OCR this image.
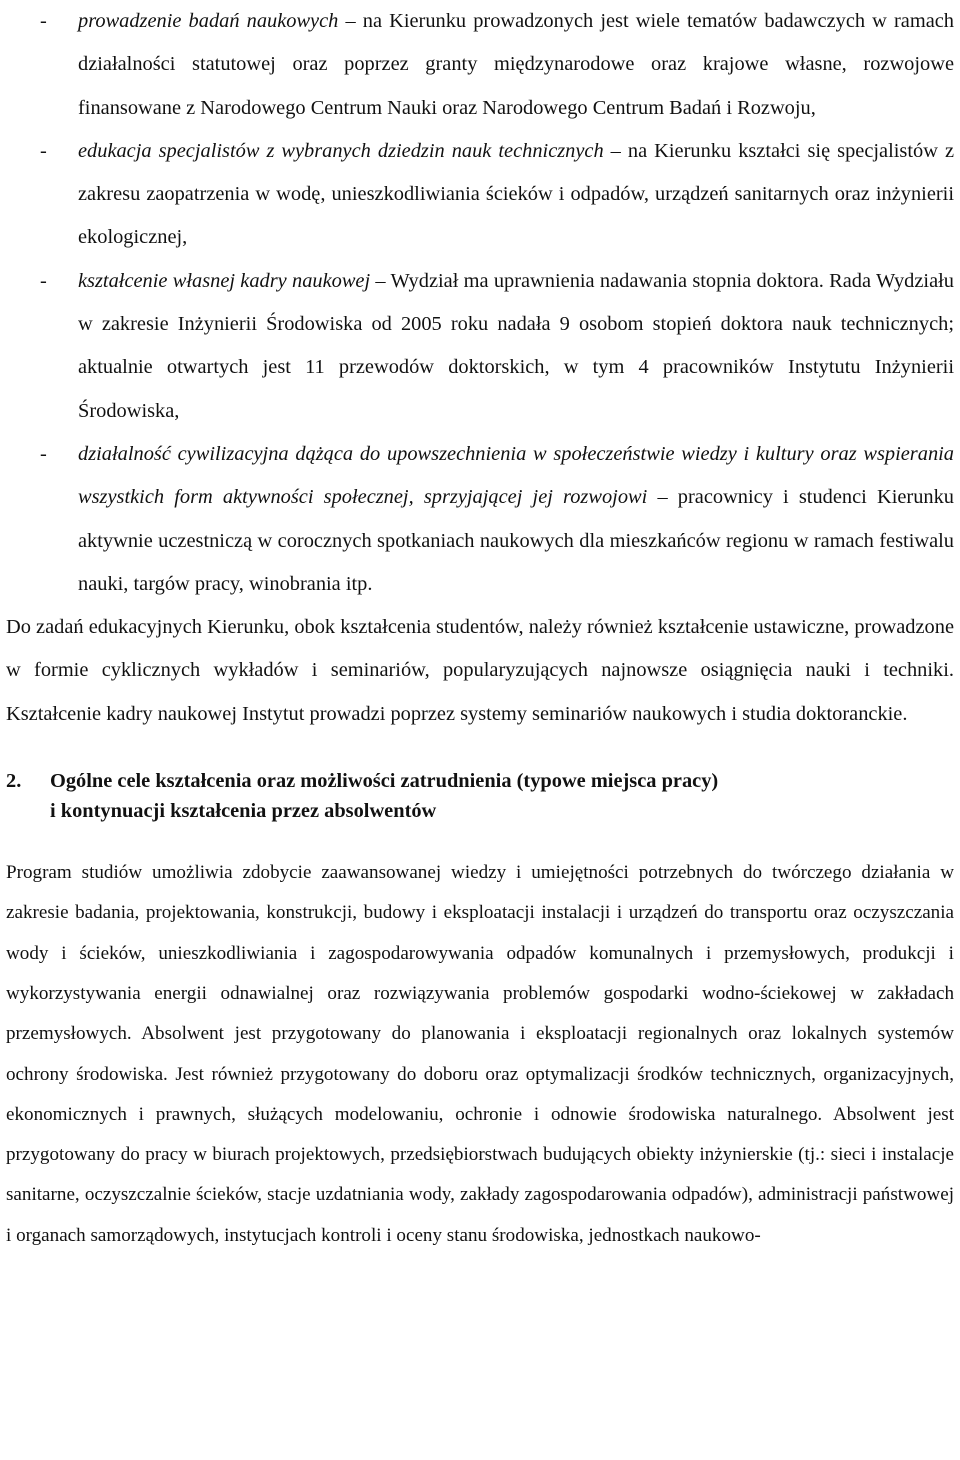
- prowadzenie badań naukowych – na Kierunku prowadzonych jest wiele tematów badawczych w ramach działalności statutowej oraz poprzez granty międzynarodowe oraz krajowe własne, rozwojowe finansowane z Narodowego Centrum Nauki oraz Narodowego Centrum Badań i Rozwoju,
- edukacja specjalistów z wybranych dziedzin nauk technicznych – na Kierunku kształci się specjalistów z zakresu zaopatrzenia w wodę, unieszkodliwiania ścieków i odpadów, urządzeń sanitarnych oraz inżynierii ekologicznej,
- kształcenie własnej kadry naukowej – Wydział ma uprawnienia nadawania stopnia doktora. Rada Wydziału w zakresie Inżynierii Środowiska od 2005 roku nadała 9 osobom stopień doktora nauk technicznych; aktualnie otwartych jest 11 przewodów doktorskich, w tym 4 pracowników Instytutu Inżynierii Środowiska,
- działalność cywilizacyjna dążąca do upowszechnienia w społeczeństwie wiedzy i kultury oraz wspierania wszystkich form aktywności społecznej, sprzyjającej jej rozwojowi – pracownicy i studenci Kierunku aktywnie uczestniczą w corocznych spotkaniach naukowych dla mieszkańców regionu w ramach festiwalu nauki, targów pracy, winobrania itp.

Do zadań edukacyjnych Kierunku, obok kształcenia studentów, należy również kształcenie ustawiczne, prowadzone w formie cyklicznych wykładów i seminariów, popularyzujących najnowsze osiągnięcia nauki i techniki. Kształcenie kadry naukowej Instytut prowadzi poprzez systemy seminariów naukowych i studia doktoranckie.

2. Ogólne cele kształcenia oraz możliwości zatrudnienia (typowe miejsca pracy)
i kontynuacji kształcenia przez absolwentów

Program studiów umożliwia zdobycie zaawansowanej wiedzy i umiejętności potrzebnych do twórczego działania w zakresie badania, projektowania, konstrukcji, budowy i eksploatacji instalacji i urządzeń do transportu oraz oczyszczania wody i ścieków, unieszkodliwiania i zagospodarowywania odpadów komunalnych i przemysłowych, produkcji i wykorzystywania energii odnawialnej oraz rozwiązywania problemów gospodarki wodno-ściekowej w zakładach przemysłowych. Absolwent jest przygotowany do planowania i eksploatacji regionalnych oraz lokalnych systemów ochrony środowiska. Jest również przygotowany do doboru oraz optymalizacji środków technicznych, organizacyjnych, ekonomicznych i prawnych, służących modelowaniu, ochronie i odnowie środowiska naturalnego. Absolwent jest przygotowany do pracy w biurach projektowych, przedsiębiorstwach budujących obiekty inżynierskie (tj.: sieci i instalacje sanitarne, oczyszczalnie ścieków, stacje uzdatniania wody, zakłady zagospodarowania odpadów), administracji państwowej i organach samorządowych, instytucjach kontroli i oceny stanu środowiska, jednostkach naukowo-
